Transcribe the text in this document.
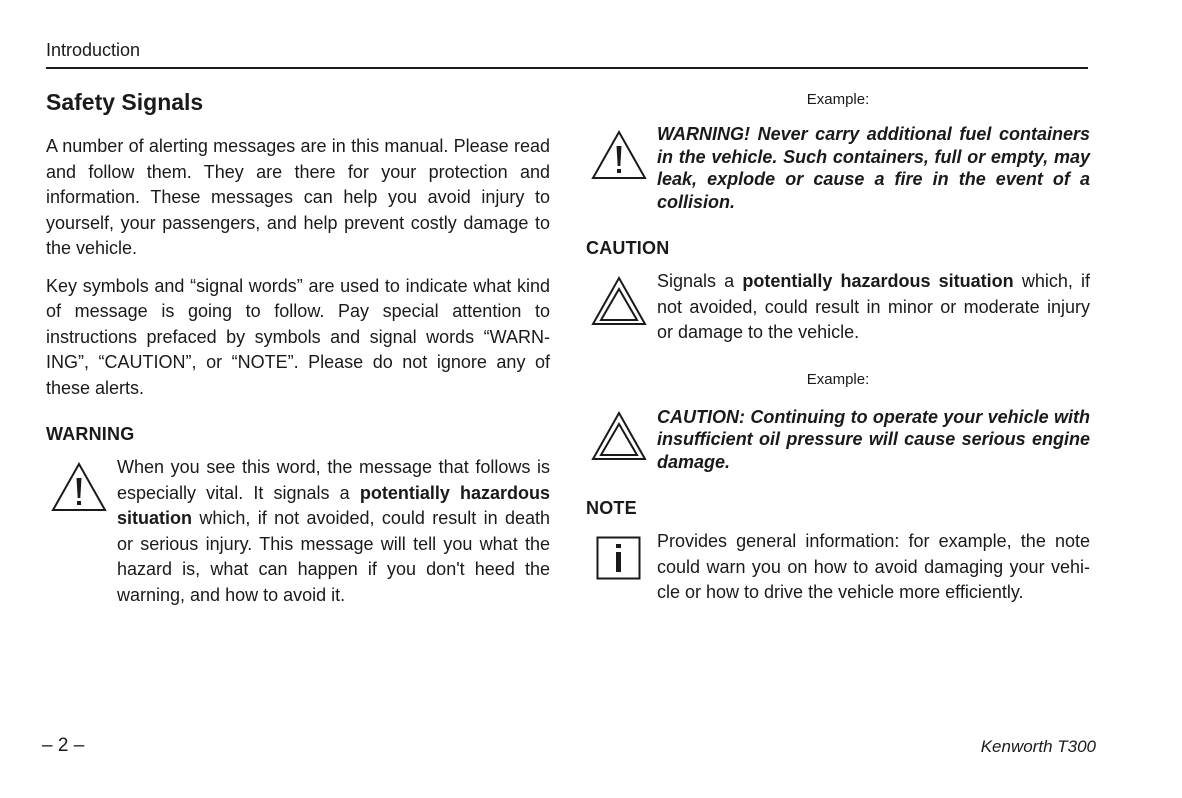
Introduction
Safety Signals

A number of alerting messages are in this manual. Please read and follow them. They are there for your protection and information. These messages can help you avoid injury to yourself, your passengers, and help prevent costly damage to the vehicle.

Key symbols and “signal words” are used to indicate what kind of message is going to follow. Pay special attention to instructions prefaced by symbols and signal words “WARN-ING”, “CAUTION”, or “NOTE”. Please do not ignore any of these alerts.

WARNING
When you see this word, the message that follows is especially vital. It signals a potentially hazardous situation which, if not avoided, could result in death or serious injury. This message will tell you what the hazard is, what can happen if you don't heed the warning, and how to avoid it.

Example:

WARNING! Never carry additional fuel containers in the vehicle. Such containers, full or empty, may leak, explode or cause a fire in the event of a collision.
CAUTION
Signals a potentially hazardous situation which, if not avoided, could result in minor or moderate injury or damage to the vehicle.

Example:

CAUTION: Continuing to operate your vehicle with insufficient oil pressure will cause serious engine damage.
NOTE
Provides general information: for example, the note could warn you on how to avoid damaging your vehi-cle or how to drive the vehicle more efficiently.
– 2 –	Kenworth T300
